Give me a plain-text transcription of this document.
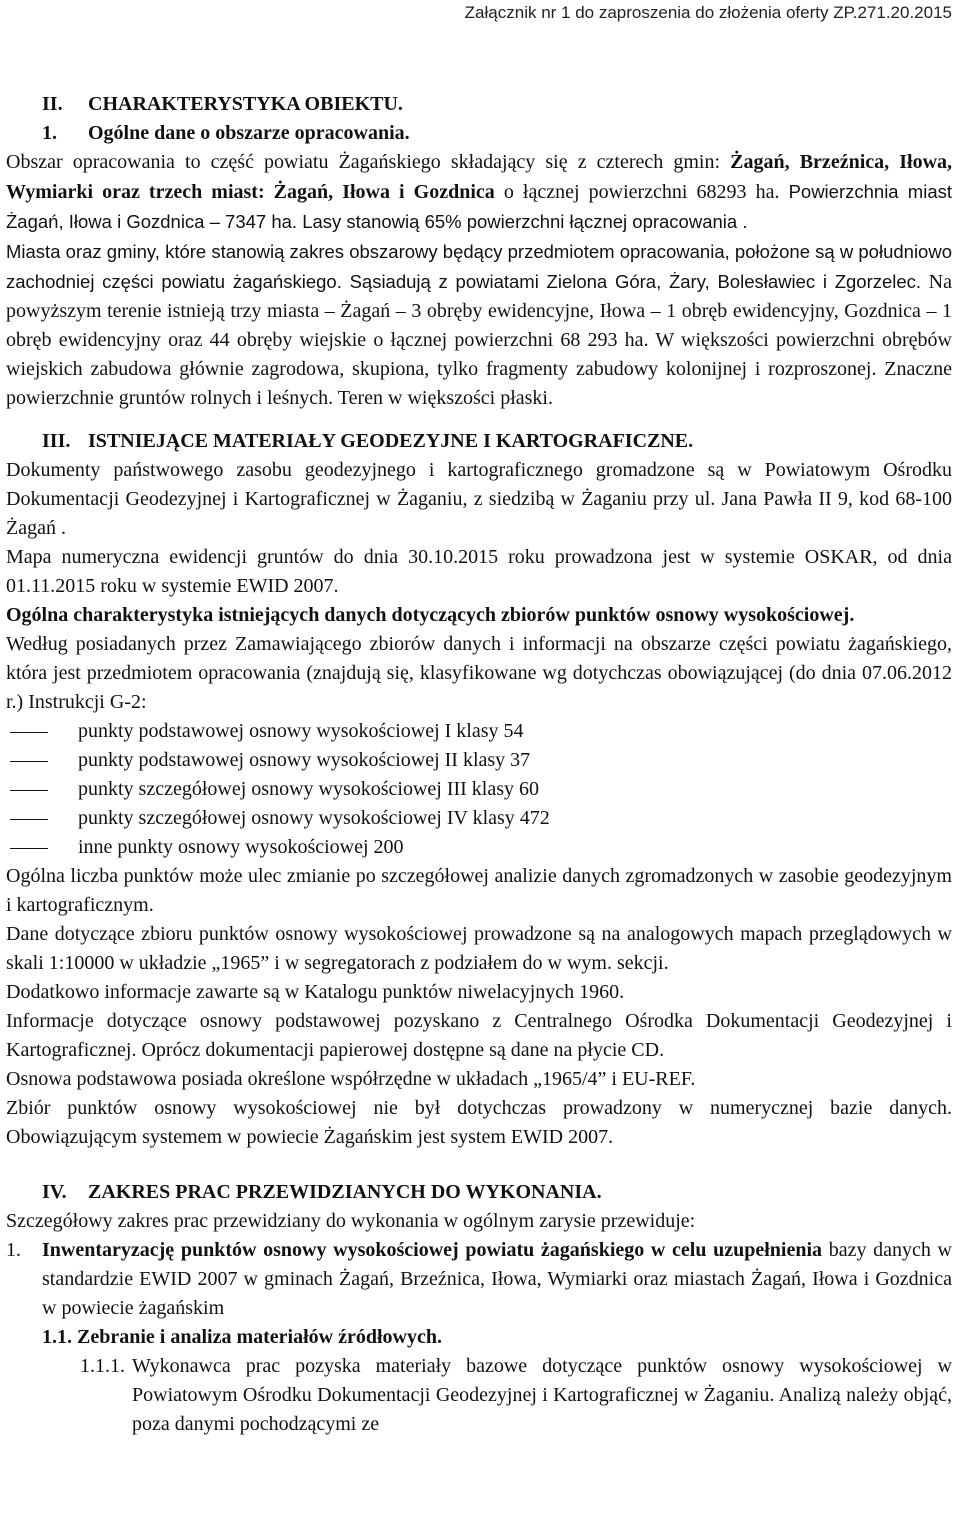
Załącznik nr 1 do zaproszenia do złożenia oferty ZP.271.20.2015

II. CHARAKTERYSTYKA OBIEKTU.

1. Ogólne dane o obszarze opracowania.

Obszar opracowania to część powiatu Żagańskiego składający się z czterech gmin: Żagań, Brzeźnica, Iłowa, Wymiarki oraz trzech miast: Żagań, Iłowa i Gozdnica o łącznej powierzchni 68293 ha. Powierzchnia miast Żagań, Iłowa i Gozdnica – 7347 ha. Lasy stanowią 65% powierzchni łącznej opracowania .

Miasta oraz gminy, które stanowią zakres obszarowy będący przedmiotem opracowania, położone są w południowo zachodniej części powiatu żagańskiego. Sąsiadują z powiatami Zielona Góra, Żary, Bolesławiec i Zgorzelec. Na powyższym terenie istnieją trzy miasta – Żagań – 3 obręby ewidencyjne, Iłowa – 1 obręb ewidencyjny, Gozdnica – 1 obręb ewidencyjny oraz 44 obręby wiejskie o łącznej powierzchni 68 293 ha. W większości powierzchni obrębów wiejskich zabudowa głównie zagrodowa, skupiona, tylko fragmenty zabudowy kolonijnej i rozproszonej. Znaczne powierzchnie gruntów rolnych i leśnych. Teren w większości płaski.

III. ISTNIEJĄCE MATERIAŁY GEODEZYJNE I KARTOGRAFICZNE.

Dokumenty państwowego zasobu geodezyjnego i kartograficznego gromadzone są w Powiatowym Ośrodku Dokumentacji Geodezyjnej i Kartograficznej w Żaganiu, z siedzibą w Żaganiu przy ul. Jana Pawła II 9, kod 68-100 Żagań .

Mapa numeryczna ewidencji gruntów do dnia 30.10.2015 roku prowadzona jest w systemie OSKAR, od dnia 01.11.2015 roku w systemie EWID 2007.

Ogólna charakterystyka istniejących danych dotyczących zbiorów punktów osnowy wysokościowej.

Według posiadanych przez Zamawiającego zbiorów danych i informacji na obszarze części powiatu żagańskiego, która jest przedmiotem opracowania (znajdują się, klasyfikowane wg dotychczas obowiązującej (do dnia 07.06.2012 r.) Instrukcji G-2:

punkty podstawowej osnowy wysokościowej I klasy 54

punkty podstawowej osnowy wysokościowej II klasy 37

punkty szczegółowej osnowy wysokościowej III klasy 60

punkty szczegółowej osnowy wysokościowej IV klasy 472

inne punkty osnowy wysokościowej 200

Ogólna liczba punktów może ulec zmianie po szczegółowej analizie danych zgromadzonych w zasobie geodezyjnym i kartograficznym.

Dane dotyczące zbioru punktów osnowy wysokościowej prowadzone są na analogowych mapach przeglądowych w skali 1:10000 w układzie „1965” i w segregatorach z podziałem do w wym. sekcji.

Dodatkowo informacje zawarte są w Katalogu punktów niwelacyjnych 1960.

Informacje dotyczące osnowy podstawowej pozyskano z Centralnego Ośrodka Dokumentacji Geodezyjnej i Kartograficznej. Oprócz dokumentacji papierowej dostępne są dane na płycie CD.

Osnowa podstawowa posiada określone współrzędne w układach „1965/4” i EU-REF.

Zbiór punktów osnowy wysokościowej nie był dotychczas prowadzony w numerycznej bazie danych. Obowiązującym systemem w powiecie Żagańskim jest system EWID 2007.

IV. ZAKRES PRAC PRZEWIDZIANYCH DO WYKONANIA.

Szczegółowy zakres prac przewidziany do wykonania w ogólnym zarysie przewiduje:

1. Inwentaryzację punktów osnowy wysokościowej powiatu żagańskiego w celu uzupełnienia bazy danych w standardzie EWID 2007 w gminach Żagań, Brzeźnica, Iłowa, Wymiarki oraz miastach Żagań, Iłowa i Gozdnica w powiecie żagańskim

1.1. Zebranie i analiza materiałów źródłowych.

1.1.1. Wykonawca prac pozyska materiały bazowe dotyczące punktów osnowy wysokościowej w Powiatowym Ośrodku Dokumentacji Geodezyjnej i Kartograficznej w Żaganiu. Analizą należy objąć, poza danymi pochodzącymi ze
